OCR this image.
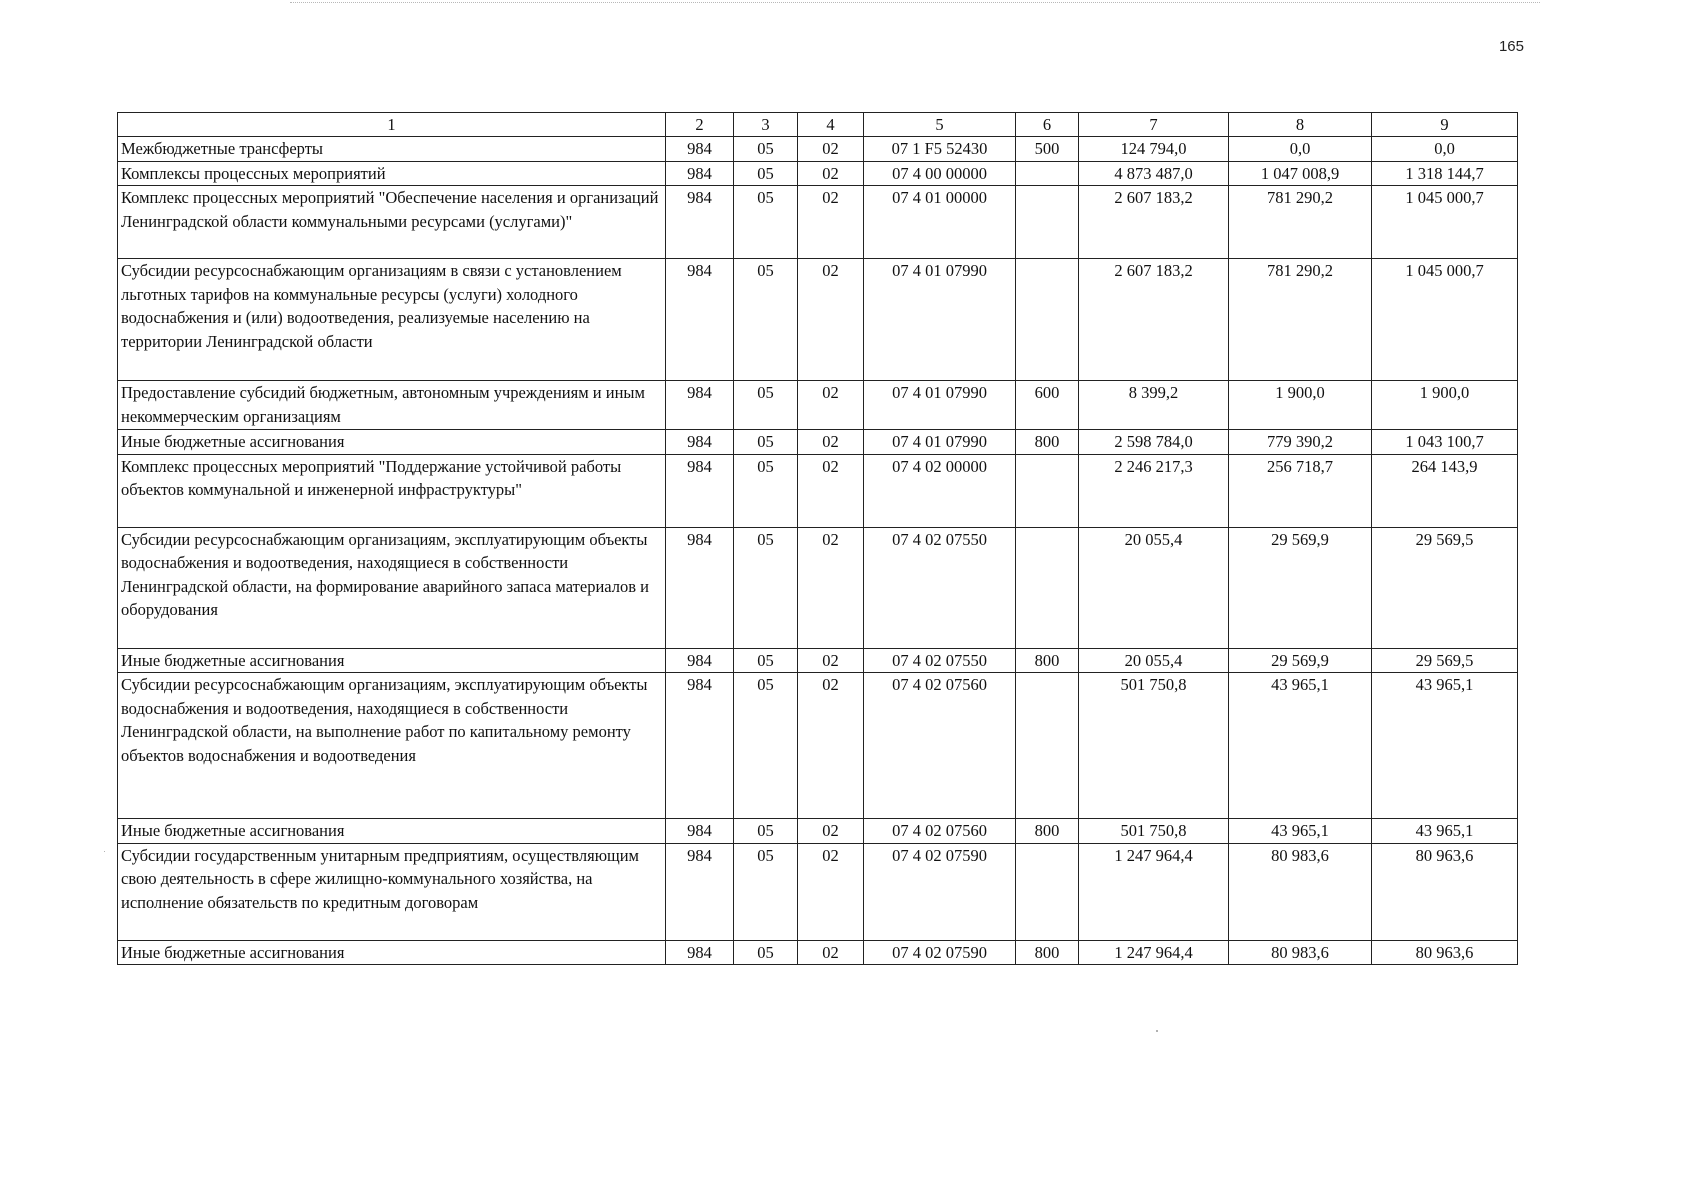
165
1	2	3	4	5	6	7	8	9
Межбюджетные трансферты	984	05	02	07 1 F5 52430	500	124 794,0	0,0	0,0
Комплексы процессных мероприятий	984	05	02	07 4 00 00000		4 873 487,0	1 047 008,9	1 318 144,7
Комплекс процессных мероприятий "Обеспечение населения и организаций Ленинградской области коммунальными ресурсами (услугами)"	984	05	02	07 4 01 00000		2 607 183,2	781 290,2	1 045 000,7
Субсидии ресурсоснабжающим организациям в связи с установлением льготных тарифов на коммунальные ресурсы (услуги) холодного водоснабжения и (или) водоотведения, реализуемые населению на территории Ленинградской области	984	05	02	07 4 01 07990		2 607 183,2	781 290,2	1 045 000,7
Предоставление субсидий бюджетным, автономным учреждениям и иным некоммерческим организациям	984	05	02	07 4 01 07990	600	8 399,2	1 900,0	1 900,0
Иные бюджетные ассигнования	984	05	02	07 4 01 07990	800	2 598 784,0	779 390,2	1 043 100,7
Комплекс процессных мероприятий "Поддержание устойчивой работы объектов коммунальной и инженерной инфраструктуры"	984	05	02	07 4 02 00000		2 246 217,3	256 718,7	264 143,9
Субсидии ресурсоснабжающим организациям, эксплуатирующим объекты водоснабжения и водоотведения, находящиеся в собственности Ленинградской области, на формирование аварийного запаса материалов и оборудования	984	05	02	07 4 02 07550		20 055,4	29 569,9	29 569,5
Иные бюджетные ассигнования	984	05	02	07 4 02 07550	800	20 055,4	29 569,9	29 569,5
Субсидии ресурсоснабжающим организациям, эксплуатирующим объекты водоснабжения и водоотведения, находящиеся в собственности Ленинградской области, на выполнение работ по капитальному ремонту объектов водоснабжения и водоотведения	984	05	02	07 4 02 07560		501 750,8	43 965,1	43 965,1
Иные бюджетные ассигнования	984	05	02	07 4 02 07560	800	501 750,8	43 965,1	43 965,1
Субсидии государственным унитарным предприятиям, осуществляющим свою деятельность в сфере жилищно-коммунального хозяйства, на исполнение обязательств по кредитным договорам	984	05	02	07 4 02 07590		1 247 964,4	80 983,6	80 963,6
Иные бюджетные ассигнования	984	05	02	07 4 02 07590	800	1 247 964,4	80 983,6	80 963,6
